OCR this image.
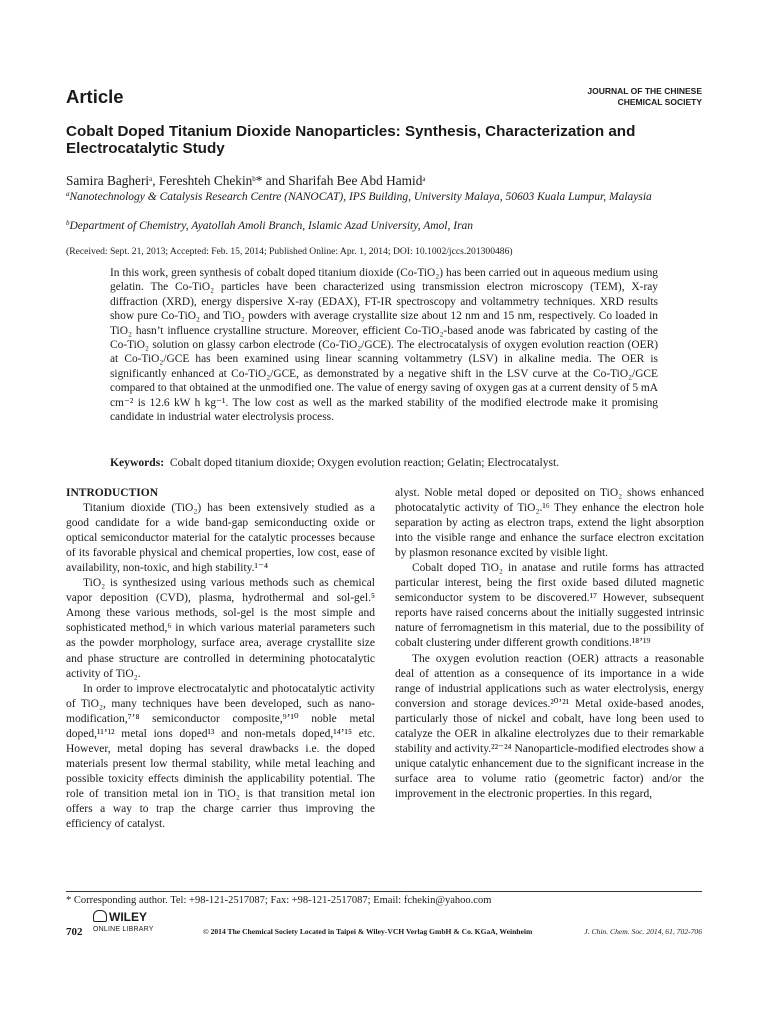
Article	JOURNAL OF THE CHINESE
CHEMICAL SOCIETY
Cobalt Doped Titanium Dioxide Nanoparticles: Synthesis, Characterization and Electrocatalytic Study
Samira Bagheri$^a$, Fereshteh Chekin$^b$* and Sharifah Bee Abd Hamid$^a$
$^a$Nanotechnology & Catalysis Research Centre (NANOCAT), IPS Building, University Malaya, 50603 Kuala Lumpur, Malaysia
$^b$Department of Chemistry, Ayatollah Amoli Branch, Islamic Azad University, Amol, Iran
(Received: Sept. 21, 2013; Accepted: Feb. 15, 2014; Published Online: Apr. 1, 2014; DOI: 10.1002/jccs.201300486)
In this work, green synthesis of cobalt doped titanium dioxide (Co-TiO₂) has been carried out in aqueous medium using gelatin. The Co-TiO₂ particles have been characterized using transmission electron microscopy (TEM), X-ray diffraction (XRD), energy dispersive X-ray (EDAX), FT-IR spectroscopy and voltammetry techniques. XRD results show pure Co-TiO₂ and TiO₂ powders with average crystallite size about 12 nm and 15 nm, respectively. Co loaded in TiO₂ hasn’t influence crystalline structure. Moreover, efficient Co-TiO₂-based anode was fabricated by casting of the Co-TiO₂ solution on glassy carbon electrode (Co-TiO₂/GCE). The electrocatalysis of oxygen evolution reaction (OER) at Co-TiO₂/GCE has been examined using linear scanning voltammetry (LSV) in alkaline media. The OER is significantly enhanced at Co-TiO₂/GCE, as demonstrated by a negative shift in the LSV curve at the Co-TiO₂/GCE compared to that obtained at the unmodified one. The value of energy saving of oxygen gas at a current density of 5 mA cm⁻² is 12.6 kW h kg⁻¹. The low cost as well as the marked stability of the modified electrode make it promising candidate in industrial water electrolysis process.
Keywords: Cobalt doped titanium dioxide; Oxygen evolution reaction; Gelatin; Electrocatalyst.
INTRODUCTION

Titanium dioxide (TiO₂) has been extensively studied as a good candidate for a wide band-gap semiconducting oxide or optical semiconductor material for the catalytic processes because of its favorable physical and chemical properties, low cost, ease of availability, non-toxic, and high stability.¹⁻⁴

TiO₂ is synthesized using various methods such as chemical vapor deposition (CVD), plasma, hydrothermal and sol-gel.⁵ Among these various methods, sol-gel is the most simple and sophisticated method,⁶ in which various material parameters such as the powder morphology, surface area, average crystallite size and phase structure are controlled in determining photocatalytic activity of TiO₂.

In order to improve electrocatalytic and photocatalytic activity of TiO₂, many techniques have been developed, such as nano-modification,⁷ʼ⁸ semiconductor composite,⁹ʼ¹⁰ noble metal doped,¹¹ʼ¹² metal ions doped¹³ and non-metals doped,¹⁴ʼ¹⁵ etc. However, metal doping has several drawbacks i.e. the doped materials present low thermal stability, while metal leaching and possible toxicity effects diminish the applicability potential. The role of transition metal ion in TiO₂ is that transition metal ion offers a way to trap the charge carrier thus improving the efficiency of catalyst.

alyst. Noble metal doped or deposited on TiO₂ shows enhanced photocatalytic activity of TiO₂.¹⁶ They enhance the electron hole separation by acting as electron traps, extend the light absorption into the visible range and enhance the surface electron excitation by plasmon resonance excited by visible light.

Cobalt doped TiO₂ in anatase and rutile forms has attracted particular interest, being the first oxide based diluted magnetic semiconductor system to be discovered.¹⁷ However, subsequent reports have raised concerns about the initially suggested intrinsic nature of ferromagnetism in this material, due to the possibility of cobalt clustering under different growth conditions.¹⁸ʼ¹⁹

The oxygen evolution reaction (OER) attracts a reasonable deal of attention as a consequence of its importance in a wide range of industrial applications such as water electrolysis, energy conversion and storage devices.²⁰ʼ²¹ Metal oxide-based anodes, particularly those of nickel and cobalt, have long been used to catalyze the OER in alkaline electrolyzes due to their remarkable stability and activity.²²⁻²⁴ Nanoparticle-modified electrodes show a unique catalytic enhancement due to the significant increase in the surface area to volume ratio (geometric factor) and/or the improvement in the electronic properties. In this regard,

* Corresponding author. Tel: +98-121-2517087; Fax: +98-121-2517087; Email: fchekin@yahoo.com
702
WILEY
ONLINE LIBRARY	© 2014 The Chemical Society Located in Taipei & Wiley-VCH Verlag GmbH & Co. KGaA, Weinheim	J. Chin. Chem. Soc. 2014, 61, 702-706
